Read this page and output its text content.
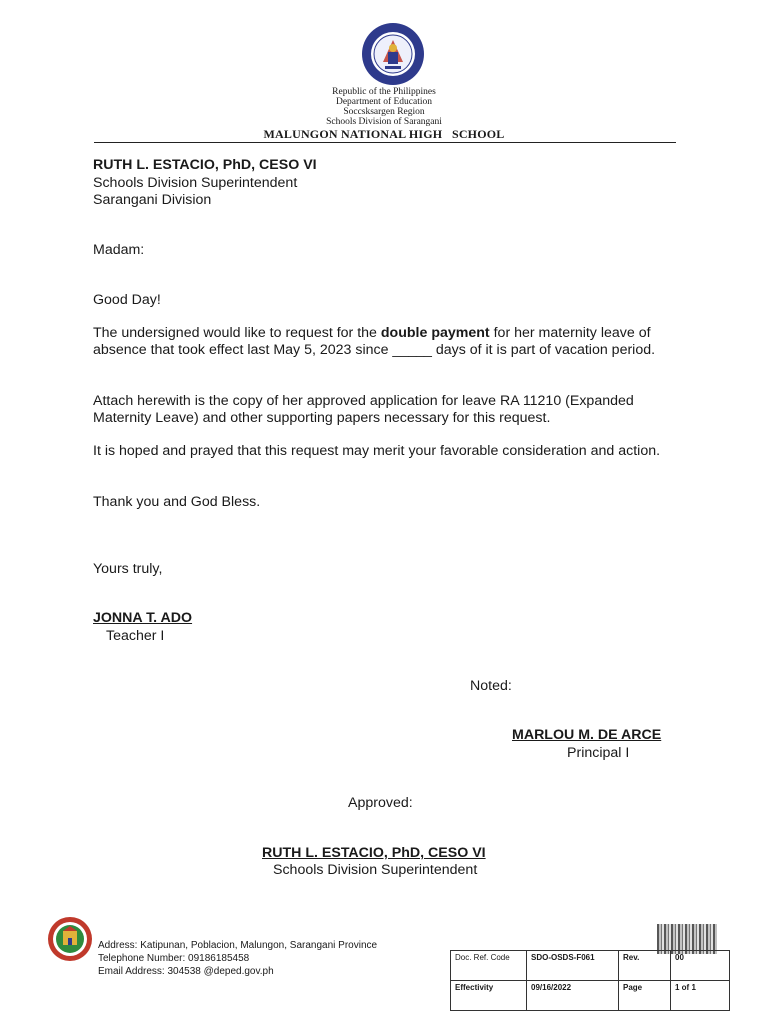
Republic of the Philippines
Department of Education
Soccsksargen Region
Schools Division of Sarangani
MALUNGON NATIONAL HIGH   SCHOOL
RUTH L. ESTACIO, PhD, CESO VI
Schools Division Superintendent
Sarangani Division
Madam:
Good Day!
The undersigned would like to request for the double payment for her maternity leave of absence that took effect last May 5, 2023 since _____ days of it is part of vacation period.
Attach herewith is the copy of her approved application for leave RA 11210 (Expanded Maternity Leave) and other supporting papers necessary for this request.
It is hoped and prayed that this request may merit your favorable consideration and action.
Thank you and God Bless.
Yours truly,
JONNA T. ADO
Teacher I
Noted:
MARLOU M. DE ARCE
Principal I
Approved:
RUTH L. ESTACIO, PhD, CESO VI
Schools Division Superintendent
Address: Katipunan, Poblacion, Malungon, Sarangani Province
Telephone Number: 09186185458
Email Address: 304538 @deped.gov.ph
Doc. Ref. Code	SDO-OSDS-F061	Rev.	00
Effectivity	09/16/2022	Page	1 of 1
